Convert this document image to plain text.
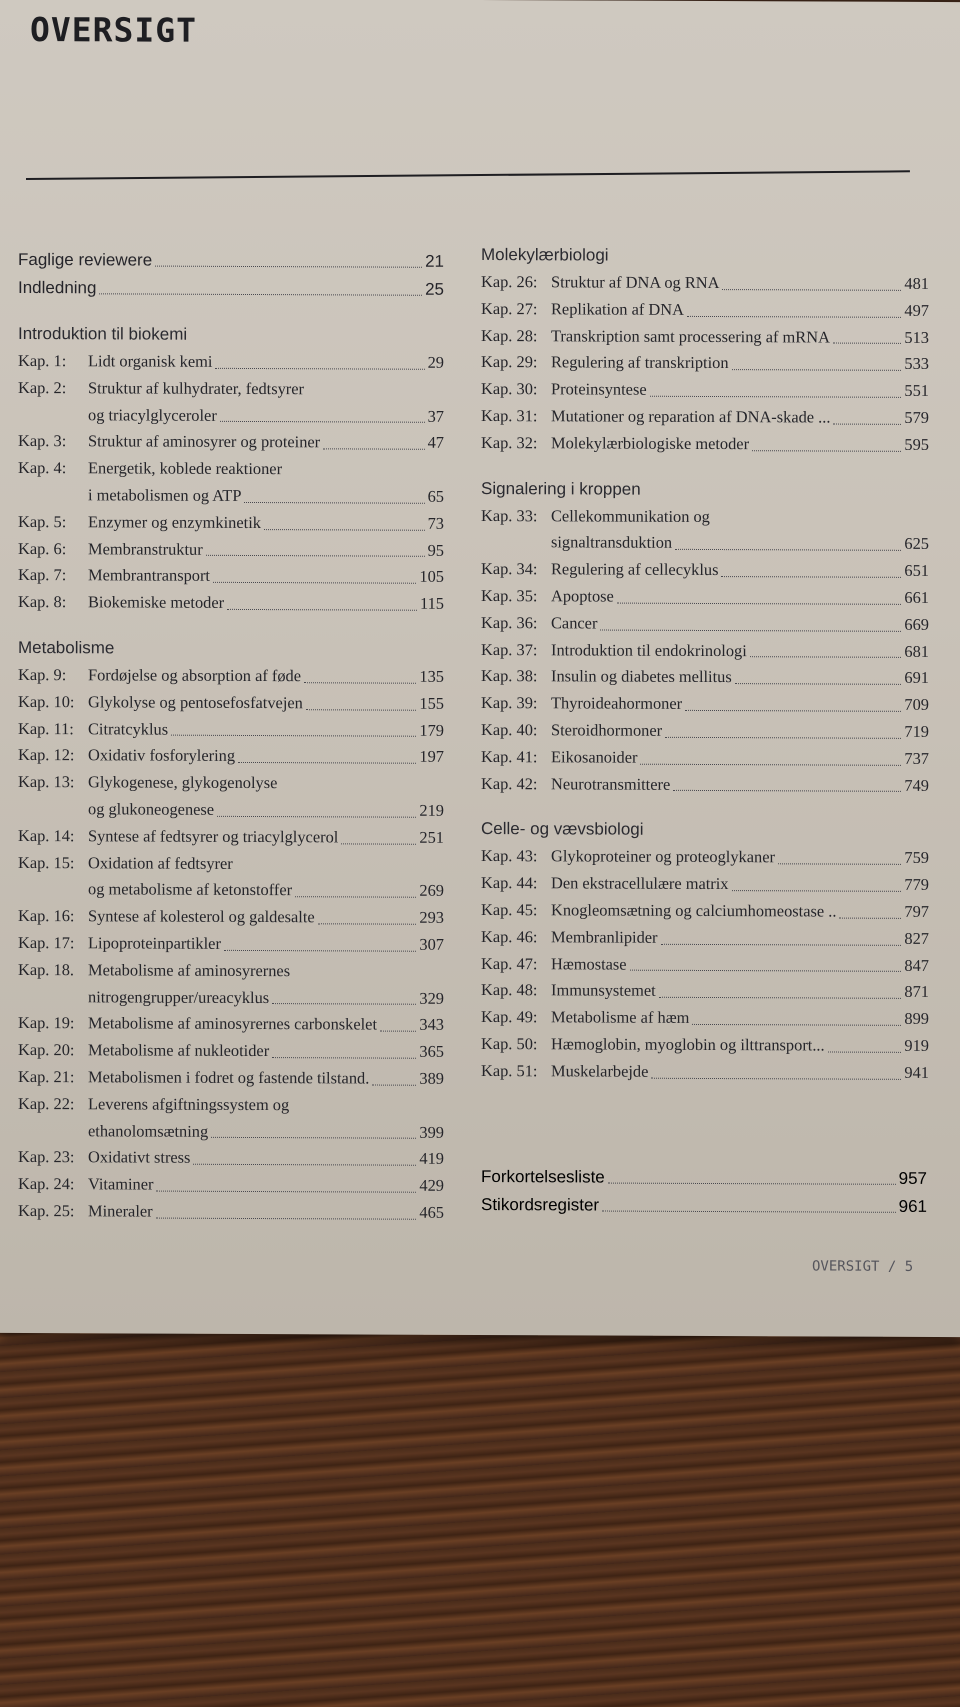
OVERSIGT
Faglige reviewere	21
Indledning	25
Introduktion til biokemi
Kap. 1:	Lidt organisk kemi	29
Kap. 2:	Struktur af kulhydrater, fedtsyrer
og triacylglyceroler	37
Kap. 3:	Struktur af aminosyrer og proteiner	47
Kap. 4:	Energetik, koblede reaktioner
i metabolismen og ATP	65
Kap. 5:	Enzymer og enzymkinetik	73
Kap. 6:	Membranstruktur	95
Kap. 7:	Membrantransport	105
Kap. 8:	Biokemiske metoder	115
Metabolisme
Kap. 9:	Fordøjelse og absorption af føde	135
Kap. 10: Glykolyse og pentosefosfatvejen	155
Kap. 11: Citratcyklus	179
Kap. 12: Oxidativ fosforylering	197
Kap. 13: Glykogenese, glykogenolyse
og glukoneogenese	219
Kap. 14: Syntese af fedtsyrer og triacylglycerol	251
Kap. 15: Oxidation af fedtsyrer
og metabolisme af ketonstoffer	269
Kap. 16: Syntese af kolesterol og galdesalte	293
Kap. 17: Lipoproteinpartikler	307
Kap. 18. Metabolisme af aminosyrernes
nitrogengrupper/ureacyklus	329
Kap. 19: Metabolisme af aminosyrernes carbonskelet	343
Kap. 20: Metabolisme af nukleotider	365
Kap. 21: Metabolismen i fodret og fastende tilstand.	389
Kap. 22: Leverens afgiftningssystem og
ethanolomsætning	399
Kap. 23: Oxidativt stress	419
Kap. 24: Vitaminer	429
Kap. 25: Mineraler	465
Molekylærbiologi
Kap. 26: Struktur af DNA og RNA	481
Kap. 27: Replikation af DNA	497
Kap. 28: Transkription samt processering af mRNA	513
Kap. 29: Regulering af transkription	533
Kap. 30: Proteinsyntese	551
Kap. 31: Mutationer og reparation af DNA-skade ...	579
Kap. 32: Molekylærbiologiske metoder	595
Signalering i kroppen
Kap. 33: Cellekommunikation og
signaltransduktion	625
Kap. 34: Regulering af cellecyklus	651
Kap. 35: Apoptose	661
Kap. 36: Cancer	669
Kap. 37: Introduktion til endokrinologi	681
Kap. 38: Insulin og diabetes mellitus	691
Kap. 39: Thyroideahormoner	709
Kap. 40: Steroidhormoner	719
Kap. 41: Eikosanoider	737
Kap. 42: Neurotransmittere	749
Celle- og vævsbiologi
Kap. 43: Glykoproteiner og proteoglykaner	759
Kap. 44: Den ekstracellulære matrix	779
Kap. 45: Knogleomsætning og calciumhomeostase ..	797
Kap. 46: Membranlipider	827
Kap. 47: Hæmostase	847
Kap. 48: Immunsystemet	871
Kap. 49: Metabolisme af hæm	899
Kap. 50: Hæmoglobin, myoglobin og ilttransport...	919
Kap. 51: Muskelarbejde	941
Forkortelsesliste	957
Stikordsregister	961
OVERSIGT / 5
